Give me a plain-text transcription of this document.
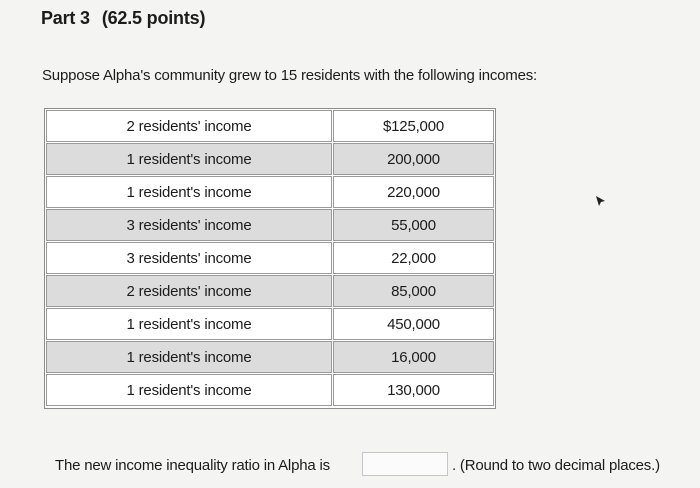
Part 3 (62.5 points)
Suppose Alpha's community grew to 15 residents with the following incomes:
2 residents' income	$125,000
1 resident's income	200,000
1 resident's income	220,000
3 residents' income	55,000
3 residents' income	22,000
2 residents' income	85,000
1 resident's income	450,000
1 resident's income	16,000
1 resident's income	130,000
The new income inequality ratio in Alpha is	. (Round to two decimal places.)
